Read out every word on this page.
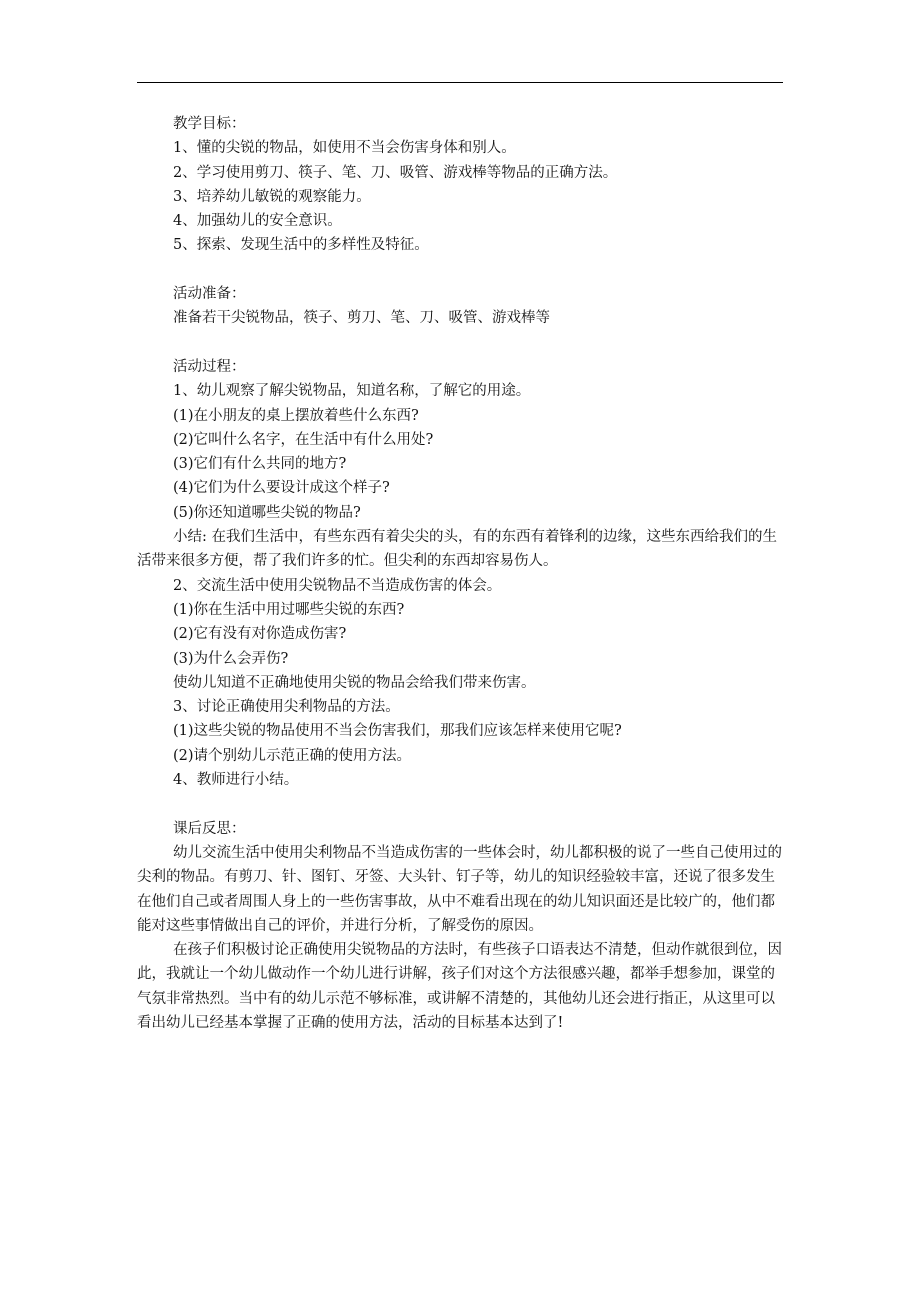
教学目标：
1、懂的尖锐的物品，如使用不当会伤害身体和别人。
2、学习使用剪刀、筷子、笔、刀、吸管、游戏棒等物品的正确方法。
3、培养幼儿敏锐的观察能力。
4、加强幼儿的安全意识。
5、探索、发现生活中的多样性及特征。
活动准备：
准备若干尖锐物品，筷子、剪刀、笔、刀、吸管、游戏棒等
活动过程：
1、幼儿观察了解尖锐物品，知道名称，了解它的用途。
(1)在小朋友的桌上摆放着些什么东西?
(2)它叫什么名字，在生活中有什么用处?
(3)它们有什么共同的地方?
(4)它们为什么要设计成这个样子?
(5)你还知道哪些尖锐的物品?
小结: 在我们生活中，有些东西有着尖尖的头，有的东西有着锋利的边缘，这些东西给我们的生活带来很多方便，帮了我们许多的忙。但尖利的东西却容易伤人。
2、交流生活中使用尖锐物品不当造成伤害的体会。
(1)你在生活中用过哪些尖锐的东西?
(2)它有没有对你造成伤害?
(3)为什么会弄伤?
使幼儿知道不正确地使用尖锐的物品会给我们带来伤害。
3、讨论正确使用尖利物品的方法。
(1)这些尖锐的物品使用不当会伤害我们，那我们应该怎样来使用它呢?
(2)请个别幼儿示范正确的使用方法。
4、教师进行小结。
课后反思：

幼儿交流生活中使用尖利物品不当造成伤害的一些体会时，幼儿都积极的说了一些自己使用过的尖利的物品。有剪刀、针、图钉、牙签、大头针、钉子等，幼儿的知识经验较丰富，还说了很多发生在他们自己或者周围人身上的一些伤害事故，从中不难看出现在的幼儿知识面还是比较广的，他们都能对这些事情做出自己的评价，并进行分析，了解受伤的原因。

在孩子们积极讨论正确使用尖锐物品的方法时，有些孩子口语表达不清楚，但动作就很到位，因此，我就让一个幼儿做动作一个幼儿进行讲解，孩子们对这个方法很感兴趣，都举手想参加，课堂的气氛非常热烈。当中有的幼儿示范不够标准，或讲解不清楚的，其他幼儿还会进行指正，从这里可以看出幼儿已经基本掌握了正确的使用方法，活动的目标基本达到了!
